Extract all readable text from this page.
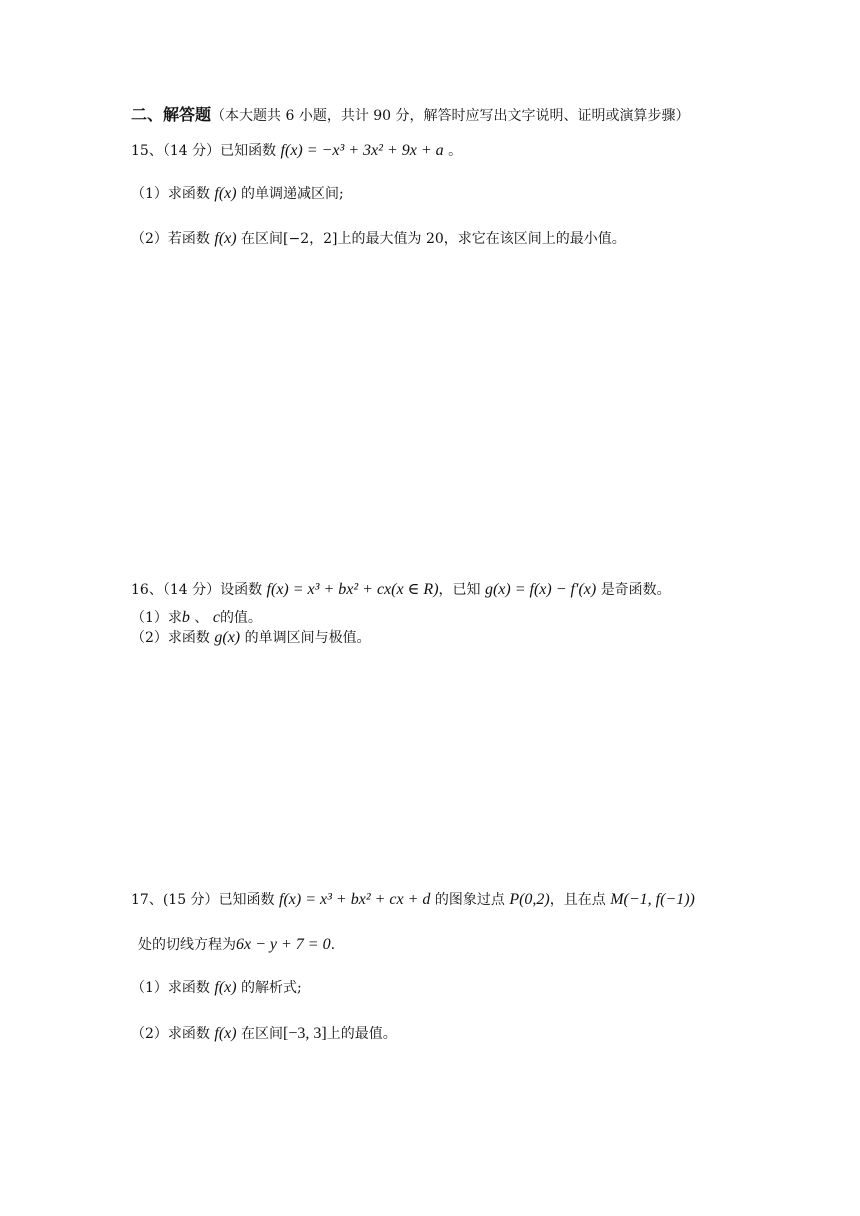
二、解答题（本大题共 6 小题，共计 90 分，解答时应写出文字说明、证明或演算步骤）
15、（14 分）已知函数 f(x) = −x³ + 3x² + 9x + a 。
（1）求函数 f(x) 的单调递减区间;
（2）若函数 f(x) 在区间[−2，2]上的最大值为 20，求它在该区间上的最小值。
16、（14 分）设函数 f(x) = x³ + bx² + cx(x ∈ R)，已知 g(x) = f(x) − f′(x) 是奇函数。
（1）求b 、 c的值。
（2）求函数 g(x) 的单调区间与极值。
17、(15 分）已知函数 f(x) = x³ + bx² + cx + d 的图象过点 P(0,2)，且在点 M(−1, f(−1))
处的切线方程为6x − y + 7 = 0.
（1）求函数 f(x) 的解析式;
（2）求函数 f(x) 在区间[−3, 3]上的最值。
